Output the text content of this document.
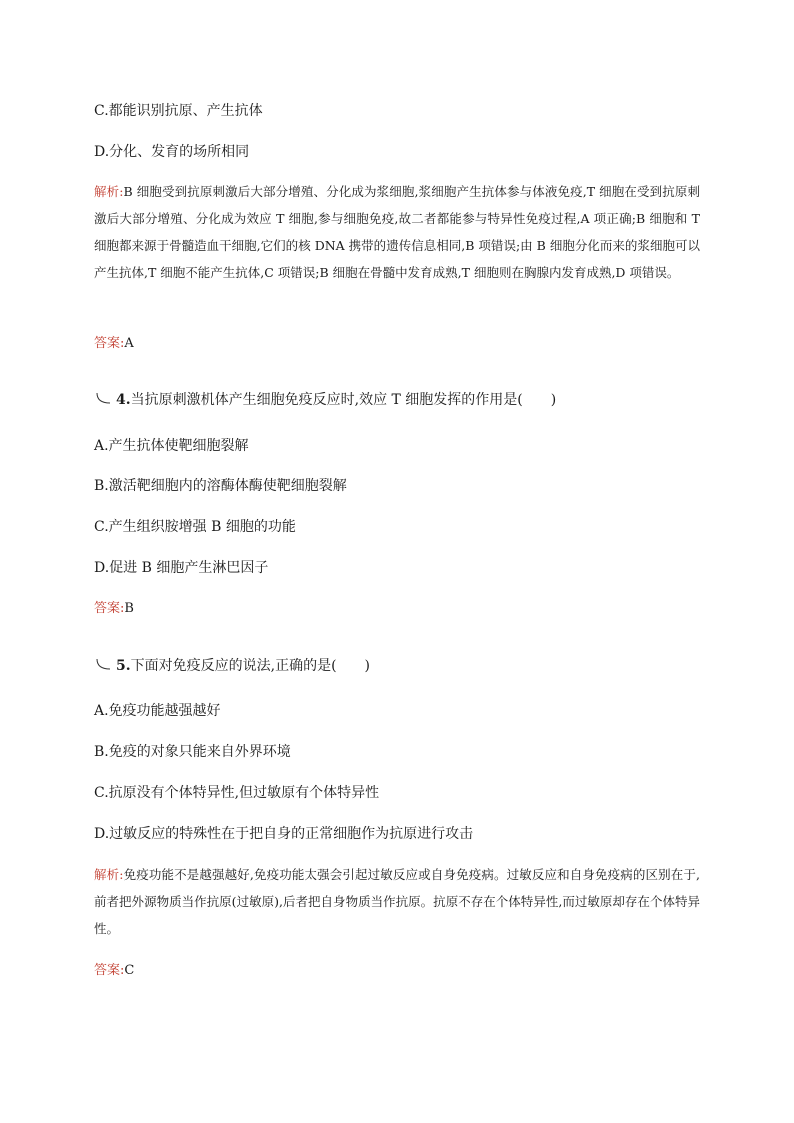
C.都能识别抗原、产生抗体
D.分化、发育的场所相同
解析:B 细胞受到抗原刺激后大部分增殖、分化成为浆细胞,浆细胞产生抗体参与体液免疫,T 细胞在受到抗原刺激后大部分增殖、分化成为效应 T 细胞,参与细胞免疫,故二者都能参与特异性免疫过程,A 项正确;B 细胞和 T 细胞都来源于骨髓造血干细胞,它们的核 DNA 携带的遗传信息相同,B 项错误;由 B 细胞分化而来的浆细胞可以产生抗体,T 细胞不能产生抗体,C 项错误;B 细胞在骨髓中发育成熟,T 细胞则在胸腺内发育成熟,D 项错误。
答案:A
4.当抗原刺激机体产生细胞免疫反应时,效应 T 细胞发挥的作用是(　　)
A.产生抗体使靶细胞裂解
B.激活靶细胞内的溶酶体酶使靶细胞裂解
C.产生组织胺增强 B 细胞的功能
D.促进 B 细胞产生淋巴因子
答案:B
5.下面对免疫反应的说法,正确的是(　　)
A.免疫功能越强越好
B.免疫的对象只能来自外界环境
C.抗原没有个体特异性,但过敏原有个体特异性
D.过敏反应的特殊性在于把自身的正常细胞作为抗原进行攻击
解析:免疫功能不是越强越好,免疫功能太强会引起过敏反应或自身免疫病。过敏反应和自身免疫病的区别在于,前者把外源物质当作抗原(过敏原),后者把自身物质当作抗原。抗原不存在个体特异性,而过敏原却存在个体特异性。
答案:C
